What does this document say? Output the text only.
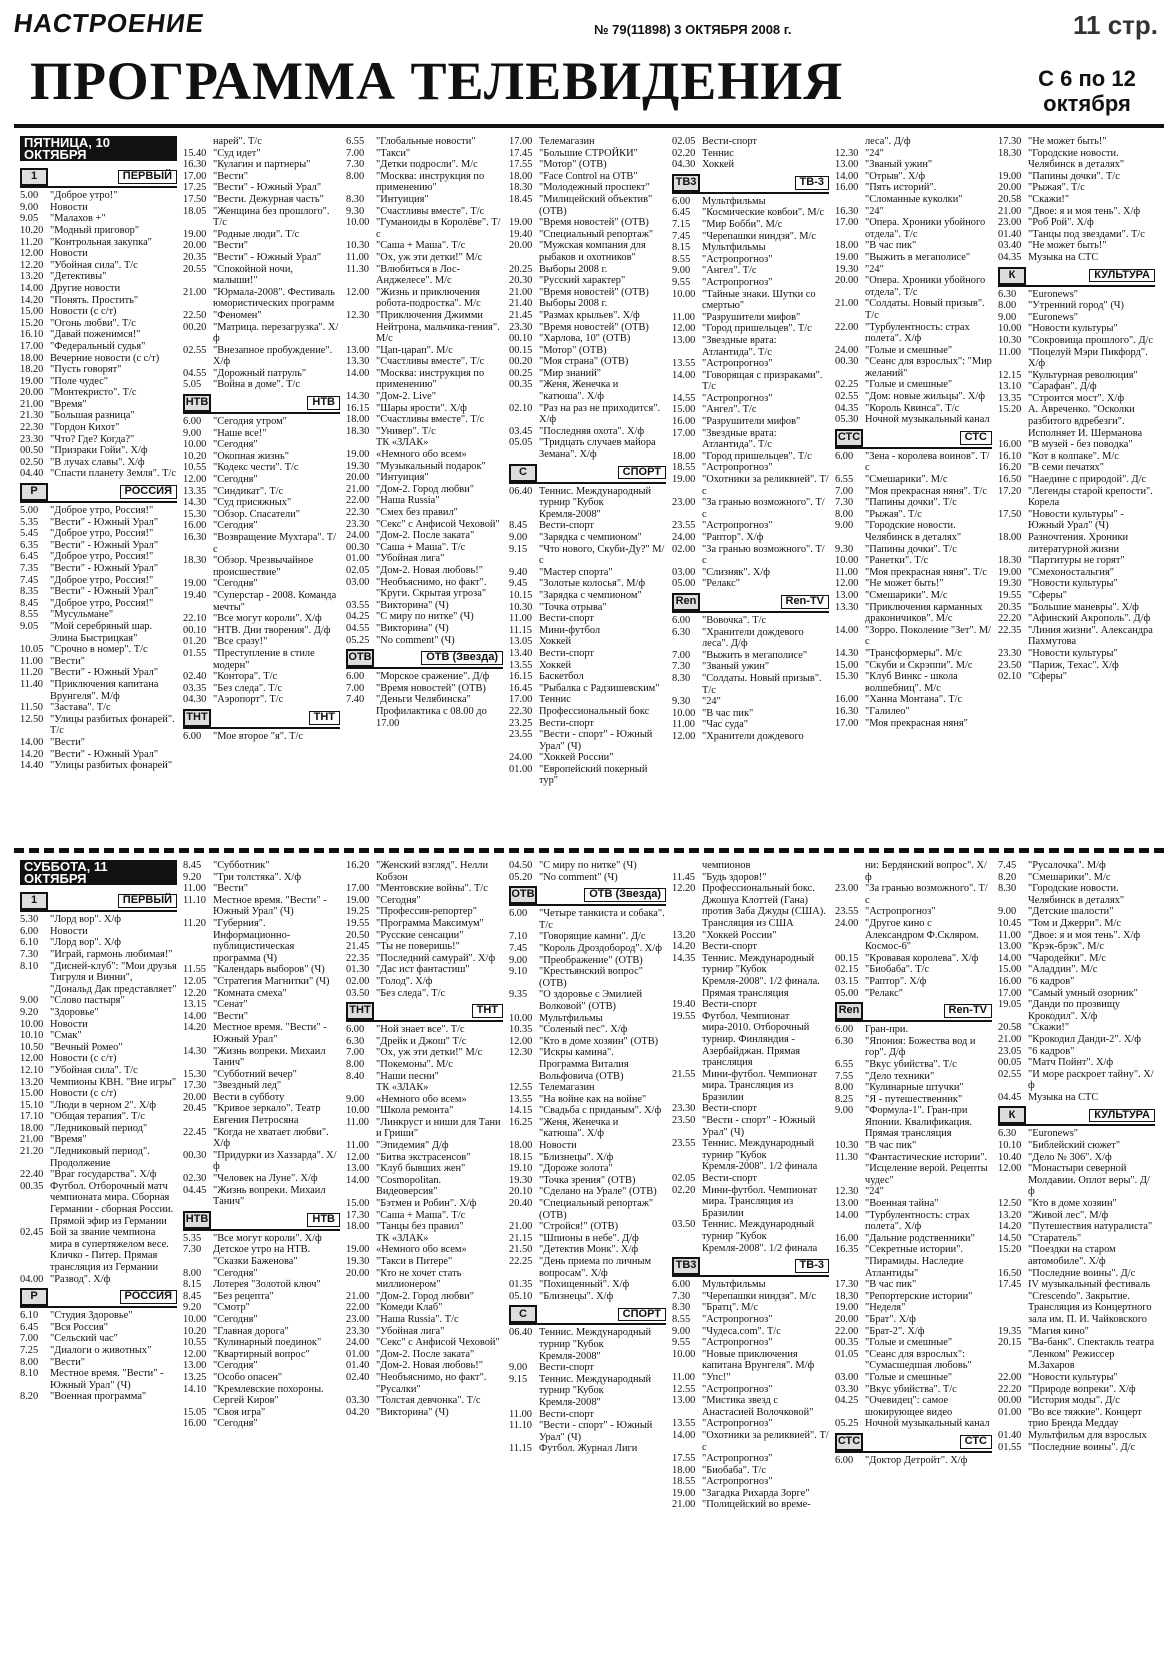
НАСТРОЕНИЕ	№ 79(11898) 3 ОКТЯБРЯ 2008 г.	11 стр.
ПРОГРАММА ТЕЛЕВИДЕНИЯ	С 6 по 12 октября
ПЯТНИЦА, 10 ОКТЯБРЯ
1	ПЕРВЫЙ
5.00	"Доброе утро!"
9.00	Новости
9.05	"Малахов +"
10.20 "Модный приговор"
11.20 "Контрольная закупка"
12.00 Новости
12.20 "Убойная сила". Т/с
13.20 "Детективы"
14.00 Другие новости
14.20 "Понять. Простить"
15.00 Новости (с с/т)
15.20 "Огонь любви". Т/с
16.10 "Давай поженимся!"
17.00 "Федеральный судья"
18.00 Вечерние новости (с с/т)
18.20 "Пусть говорят"
19.00 "Поле чудес"
20.00 "Монтекристо". Т/с
21.00 "Время"
21.30 "Большая разница"
22.30 "Гордон Кихот"
23.30 "Что? Где? Когда?"
00.50 "Призраки Гойи". Х/ф
02.50 "В лучах славы". Х/ф
04.40 "Спасти планету Земля". Т/с
Р	РОССИЯ
5.00	"Доброе утро, Россия!"
5.35	"Вести" - Южный Урал"
5.45	"Доброе утро, Россия!"
6.35	"Вести" - Южный Урал"
6.45	"Доброе утро, Россия!"
7.35	"Вести" - Южный Урал"
7.45	"Доброе утро, Россия!"
8.35	"Вести" - Южный Урал"
8.45	"Доброе утро, Россия!"
8.55	"Мусульмане"
9.05	"Мой серебряный шар. Элина Быстрицкая"
10.05 "Срочно в номер". Т/с
11.00 "Вести"
11.20 "Вести" - Южный Урал"
11.40 "Приключения капитана Врунгеля". М/ф
11.50 "Застава". Т/с
12.50 "Улицы разбитых фонарей". Т/с
14.00 "Вести"
14.20 "Вести" - Южный Урал"
14.40 "Улицы разбитых фонарей"
нарей". Т/с
15.40 "Суд идет"
16.30 "Кулагин и партнеры"
17.00 "Вести"
17.25 "Вести" - Южный Урал"
17.50 "Вести. Дежурная часть"
18.05 "Женщина без прошлого". Т/с
19.00 "Родные люди". Т/с
20.00 "Вести"
20.35 "Вести" - Южный Урал"
20.55 "Спокойной ночи, малыши!"
21.00 "Юрмала-2008". Фестиваль юмористических программ
22.50 "Феномен"
00.20 "Матрица. перезагрузка". Х/ф
02.55 "Внезапное пробуждение". Х/ф
04.55 "Дорожный патруль"
5.05	"Война в доме". Т/с
НТВ	НТВ
6.00	"Сегодня утром"
9.00	"Наше все!"
10.00 "Сегодня"
10.20 "Окопная жизнь"
10.55 "Кодекс чести". Т/с
12.00 "Сегодня"
13.35 "Синдикат". Т/с
14.30 "Суд присяжных"
15.30 "Обзор. Спасатели"
16.00 "Сегодня"
16.30 "Возвращение Мухтара". Т/с
18.30 "Обзор. Чрезвычайное происшествие"
19.00 "Сегодня"
19.40 "Суперстар - 2008. Команда мечты"
22.10 "Все могут короли". Х/ф
00.10 "НТВ. Дни творения". Д/ф
01.20 "Все сразу!"
01.55 "Преступление в стиле модерн"
02.40 "Контора". Т/с
03.35 "Без следа". Т/с
04.30 "Аэропорт". Т/с
ТНТ	ТНТ
6.00	"Мое второе "я". Т/с
6.55	"Глобальные новости"
7.00	"Такси"
7.30	"Детки подросли". М/с
8.00	"Москва: инструкция по применению"
8.30	"Интуиция"
9.30	"Счастливы вместе". Т/с
10.00 "Гуманоиды в Королёве". Т/с
10.30 "Саша + Маша". Т/с
11.00 "Ох, уж эти детки!" М/с
11.30 "Влюбиться в Лос-Анджелесе". М/с
12.00 "Жизнь и приключения робота-подростка". М/с
12.30 "Приключения Джимми Нейтрона, мальчика-гения". М/с
13.00 "Цап-царап". М/с
13.30 "Счастливы вместе". Т/с
14.00 "Москва: инструкция по применению"
14.30 "Дом-2. Live"
16.15 "Шары ярости". Х/ф
18.00 "Счастливы вместе". Т/с
18.30 "Универ". Т/с
ТК «ЗЛАК»
19.00 «Немного обо всем»
19.30 "Музыкальный подарок"
20.00 "Интуиция"
21.00 "Дом-2. Город любви"
22.00 "Наша Russia"
22.30 "Смех без правил"
23.30 "Секс" с Анфисой Чеховой"
24.00 "Дом-2. После заката"
00.30 "Саша + Маша". Т/с
01.00 "Убойная лига"
02.05 "Дом-2. Новая любовь!"
03.00 "Необъяснимо, но факт". "Круги. Скрытая угроза"
03.55 "Викторина" (Ч)
04.25 "С миру по нитке" (Ч)
04.55 "Викторина" (Ч)
05.25 "No comment" (Ч)
ОТВ	ОТВ (Звезда)
6.00	"Морское сражение". Д/ф
7.00	"Время новостей" (ОТВ)
7.40	"Деньги Челябинска"
Профилактика с 08.00 до 17.00
17.00 Телемагазин
17.45 "Большие СТРОЙКИ"
17.55 "Мотор" (ОТВ)
18.00 "Face Control на ОТВ"
18.30 "Молодежный проспект"
18.45 "Милицейский объектив" (ОТВ)
19.00 "Время новостей" (ОТВ)
19.40 "Специальный репортаж"
20.00 "Мужская компания для рыбаков и охотников"
20.25 Выборы 2008 г.
20.30 "Русский характер"
21.00 "Время новостей" (ОТВ)
21.40 Выборы 2008 г.
21.45 "Размах крыльев". Х/ф
23.30 "Время новостей" (ОТВ)
00.10 "Харлова, 10" (ОТВ)
00.15 "Мотор" (ОТВ)
00.20 "Моя страна" (ОТВ)
00.25 "Мир знаний"
00.35 "Женя, Женечка и "катюша". Х/ф
02.10 "Раз на раз не приходится". Х/ф
03.45 "Последняя охота". Х/ф
05.05 "Тридцать случаев майора Земана". Х/ф
С	СПОРТ
06.40 Теннис. Международный турнир "Кубок Кремля-2008"
8.45	Вести-спорт
9.00	"Зарядка с чемпионом"
9.15	"Что нового, Скуби-Ду?" М/с
9.40	"Мастер спорта"
9.45	"Золотые колосья". М/ф
10.15 "Зарядка с чемпионом"
10.30 "Точка отрыва"
11.00 Вести-спорт
11.15 Мини-футбол
13.05 Хоккей
13.40 Вести-спорт
13.55 Хоккей
16.15 Баскетбол
16.45 "Рыбалка с Радзишевским"
17.00 Теннис
22.30 Профессиональный бокс
23.25 Вести-спорт
23.55 "Вести - спорт" - Южный Урал" (Ч)
24.00 "Хоккей России"
01.00 "Европейский покерный тур"
02.05 Вести-спорт
02.20 Теннис
04.30 Хоккей
ТВ3	ТВ-3
6.00	Мультфильмы
6.45	"Космические ковбои". М/с
7.15	"Мир Бобби". М/с
7.45	"Черепашки ниндзя". М/с
8.15	Мультфильмы
8.55	"Астропрогноз"
9.00	"Ангел". Т/с
9.55	"Астропрогноз"
10.00 "Тайные знаки. Шутки со смертью"
11.00 "Разрушители мифов"
12.00 "Город пришельцев". Т/с
13.00 "Звездные врата: Атлантида". Т/с
13.55 "Астропрогноз"
14.00 "Говорящая с призраками". Т/с
14.55 "Астропрогноз"
15.00 "Ангел". Т/с
16.00 "Разрушители мифов"
17.00 "Звездные врата: Атлантида". Т/с
18.00 "Город пришельцев". Т/с
18.55 "Астропрогноз"
19.00 "Охотники за реликвией". Т/с
23.00 "За гранью возможного". Т/с
23.55 "Астропрогноз"
24.00 "Раптор". Х/ф
02.00 "За гранью возможного". Т/с
03.00 "Слизняк". Х/ф
05.00 "Релакс"
Ren	Ren-TV
6.00	"Вовочка". Т/с
6.30	"Хранители дождевого леса". Д/ф
7.00	"Выжить в мегаполисе"
7.30	"Званый ужин"
8.30	"Солдаты. Новый призыв". Т/с
9.30	"24"
10.00 "В час пик"
11.00 "Час суда"
12.00 "Хранители дождевого
леса". Д/ф
12.30 "24"
13.00 "Званый ужин"
14.00 "Отрыв". Х/ф
16.00 "Пять историй". "Сломанные куколки"
16.30 "24"
17.00 "Опера. Хроники убойного отдела". Т/с
18.00 "В час пик"
19.00 "Выжить в мегаполисе"
19.30 "24"
20.00 "Опера. Хроники убойного отдела". Т/с
21.00 "Солдаты. Новый призыв". Т/с
22.00 "Турбулентность: страх полета". Х/ф
24.00 "Голые и смешные"
00.30 "Сеанс для взрослых": "Мир желаний"
02.25 "Голые и смешные"
02.55 "Дом: новые жильцы". Х/ф
04.35 "Король Квинса". Т/с
05.30 Ночной музыкальный канал
СТС	СТС
6.00	"Зена - королева воинов". Т/с
6.55	"Смешарики". М/с
7.00	"Моя прекрасная няня". Т/с
7.30	"Папины дочки". Т/с
8.00	"Рыжая". Т/с
9.00	"Городские новости. Челябинск в деталях"
9.30	"Папины дочки". Т/с
10.00 "Ранетки". Т/с
11.00 "Моя прекрасная няня". Т/с
12.00 "Не может быть!"
13.00 "Смешарики". М/с
13.30 "Приключения карманных драконичиков". М/с
14.00 "Зорро. Поколение "Зет". М/с
14.30 "Трансформеры". М/с
15.00 "Скуби и Скрэппи". М/с
15.30 "Клуб Винкс - школа волшебниц". М/с
16.00 "Ханна Монтана". Т/с
16.30 "Галилео"
17.00 "Моя прекрасная няня"
17.30 "Не может быть!"
18.30 "Городские новости. Челябинск в деталях"
19.00 "Папины дочки". Т/с
20.00 "Рыжая". Т/с
20.58 "Скажи!"
21.00 "Двое: я и моя тень". Х/ф
23.00 "Роб Рой". Х/ф
01.40 "Танцы под звездами". Т/с
03.40 "Не может быть!"
04.35 Музыка на СТС
К	КУЛЬТУРА
6.30	"Euronews"
8.00	"Утренний город" (Ч)
9.00	"Euronews"
10.00 "Новости культуры"
10.30 "Сокровища прошлого". Д/с
11.00 "Поцелуй Мэри Пикфорд". Х/ф
12.15 "Культурная революция"
13.10 "Сарафан". Д/ф
13.35 "Строится мост". Х/ф
15.20 А. Авреченко. "Осколки разбитого вдребезги". Исполняет И. Шерманова
16.00 "В музей - без поводка"
16.10 "Кот в колпаке". М/с
16.20 "В семи печатях"
16.50 "Наедине с природой". Д/с
17.20 "Легенды старой крепости". Корела
17.50 "Новости культуры" - Южный Урал" (Ч)
18.00 Разночтения. Хроники литературной жизни
18.30 "Партитуры не горят"
19.00 "Смехоностальгия"
19.30 "Новости культуры"
19.55 "Сферы"
20.35 "Большие маневры". Х/ф
22.20 "Афинский Акрополь". Д/ф
22.35 "Линия жизни". Александра Пахмутова
23.30 "Новости культуры"
23.50 "Париж, Техас". Х/ф
02.10 "Сферы"
СУББОТА, 11 ОКТЯБРЯ
1	ПЕРВЫЙ
5.30	"Лорд вор". Х/ф
6.00	Новости
6.10	"Лорд вор". Х/ф
7.30	"Играй, гармонь любимая!"
8.10	"Дисней-клуб": "Мои друзья Тигруля и Винни", "Дональд Дак представляет"
9.00	"Слово пастыря"
9.20	"Здоровье"
10.00 Новости
10.10 "Смак"
10.50 "Вечный Ромео"
12.00 Новости (с с/т)
12.10 "Убойная сила". Т/с
13.20 Чемпионы КВН. "Вне игры"
15.00 Новости (с с/т)
15.10 "Люди в черном 2". Х/ф
17.10 "Общая терапия". Т/с
18.00 "Ледниковый период"
21.00 "Время"
21.20 "Ледниковый период". Продолжение
22.40 "Враг государства". Х/ф
00.35 Футбол. Отборочный матч чемпионата мира. Сборная Германии - сборная России. Прямой эфир из Германии
02.45 Бой за звание чемпиона мира в супертяжелом весе. Кличко - Питер. Прямая трансляция из Германии
04.00 "Развод". Х/ф
Р	РОССИЯ
6.10	"Студия Здоровье"
6.45	"Вся Россия"
7.00	"Сельский час"
7.25	"Диалоги о животных"
8.00	"Вести"
8.10	Местное время. "Вести" - Южный Урал" (Ч)
8.20	"Военная программа"
8.45	"Субботник"
9.20	"Три толстяка". Х/ф
11.00 "Вести"
11.10 Местное время. "Вести" - Южный Урал" (Ч)
11.20 "Губерния". Информационно-публицистическая программа (Ч)
11.55 "Календарь выборов" (Ч)
12.05 "Стратегия Магнитки" (Ч)
12.20 "Комната смеха"
13.15 "Сенат"
14.00 "Вести"
14.20 Местное время. "Вести" - Южный Урал"
14.30 "Жизнь вопреки. Михаил Танич"
15.30 "Субботний вечер"
17.30 "Звездный лед"
20.00 Вести в субботу
20.45 "Кривое зеркало". Театр Евгения Петросяна
22.45 "Когда не хватает любви". Х/ф
00.30 "Придурки из Хаззарда". Х/ф
02.30 "Человек на Луне". Х/ф
04.45 "Жизнь вопреки. Михаил Танич"
НТВ	НТВ
5.35	"Все могут короли". Х/ф
7.30	Детское утро на НТВ. "Сказки Баженова"
8.00	"Сегодня"
8.15	Лотерея "Золотой ключ"
8.45	"Без рецепта"
9.20	"Смотр"
10.00 "Сегодня"
10.20 "Главная дорога"
10.55 "Кулинарный поединок"
12.00 "Квартирный вопрос"
13.00 "Сегодня"
13.25 "Особо опасен"
14.10 "Кремлевские похороны. Сергей Киров"
15.05 "Своя игра"
16.00 "Сегодня"
16.20 "Женский взгляд". Нелли Кобзон
17.00 "Ментовские войны". Т/с
19.00 "Сегодня"
19.25 "Профессия-репортер"
19.55 "Программа Максимум"
20.50 "Русские сенсации"
21.45 "Ты не поверишь!"
22.35 "Последний самурай". Х/ф
01.30 "Дас ист фантастиш"
02.00 "Голод". Х/ф
03.50 "Без следа". Т/с
ТНТ	ТНТ
6.00	"Ной знает все". Т/с
6.30	"Дрейк и Джош" Т/с
7.00	"Ох, уж эти детки!" М/с
8.00	"Покемоны". М/с
8.40	"Наши песни"
ТК «ЗЛАК»
9.00	«Немного обо всем»
10.00 "Школа ремонта"
11.00 "Линкруст и ниши для Тани и Гриши"
11.00 "Эпидемия" Д/ф
12.00 "Битва экстрасенсов"
13.00 "Клуб бывших жен"
14.00 "Cosmopolitan. Видеоверсия"
15.00 "Бэтмен и Робин". Х/ф
17.30 "Саша + Маша". Т/с
18.00 "Танцы без правил"
ТК «ЗЛАК»
19.00 «Немного обо всем»
19.30 "Такси в Питере"
20.00 "Кто не хочет стать миллионером"
21.00 "Дом-2. Город любви"
22.00 "Комеди Клаб"
23.00 "Наша Russia". Т/с
23.30 "Убойная лига"
24.00 "Секс" с Анфисой Чеховой"
01.00 "Дом-2. После заката"
01.40 "Дом-2. Новая любовь!"
02.40 "Необъяснимо, но факт". "Русалки"
03.30 "Толстая девчонка". Т/с
04.20 "Викторина" (Ч)
04.50 "С миру по нитке" (Ч)
05.20 "No comment" (Ч)
ОТВ	ОТВ (Звезда)
6.00	"Четыре танкиста и собака". Т/с
7.10	"Говорящие камни". Д/с
7.45	"Король Дроздобород". Х/ф
9.00	"Преображение" (ОТВ)
9.10	"Крестьянский вопрос" (ОТВ)
9.35	"О здоровье с Эмилией Волковой" (ОТВ)
10.00 Мультфильмы
10.35 "Соленый пес". Х/ф
12.00 "Кто в доме хозяин" (ОТВ)
12.30 "Искры камина". Программа Виталия Вольфовича (ОТВ)
12.55 Телемагазин
13.55 "На войне как на войне"
14.15 "Свадьба с приданым". Х/ф
16.25 "Женя, Женечка и "катюша". Х/ф
18.00 Новости
18.15 "Близнецы". Х/ф
19.10 "Дороже золота"
19.30 "Точка зрения" (ОТВ)
20.10 "Сделано на Урале" (ОТВ)
20.40 "Специальный репортаж" (ОТВ)
21.00 "Стройся!" (ОТВ)
21.15 "Шпионы в небе". Д/ф
21.50 "Детектив Монк". Х/ф
22.25 "День приема по личным вопросам". Х/ф
01.35 "Похищенный". Х/ф
05.10 "Близнецы". Х/ф
С	СПОРТ
06.40 Теннис. Международный турнир "Кубок Кремля-2008"
9.00	Вести-спорт
9.15	Теннис. Международный турнир "Кубок Кремля-2008"
11.00 Вести-спорт
11.10 "Вести - спорт" - Южный Урал" (Ч)
11.15 Футбол. Журнал Лиги
чемпионов
11.45 "Будь здоров!"
12.20 Профессиональный бокс. Джошуа Клоттей (Гана) против Заба Джуды (США). Трансляция из США
13.20 "Хоккей России"
14.20 Вести-спорт
14.35 Теннис. Международный турнир "Кубок Кремля-2008". 1/2 финала. Прямая трансляция
19.40 Вести-спорт
19.55 Футбол. Чемпионат мира-2010. Отборочный турнир. Финляндия - Азербайджан. Прямая трансляция
21.55 Мини-футбол. Чемпионат мира. Трансляция из Бразилии
23.30 Вести-спорт
23.50 "Вести - спорт" - Южный Урал" (Ч)
23.55 Теннис. Международный турнир "Кубок Кремля-2008". 1/2 финала
02.05 Вести-спорт
02.20 Мини-футбол. Чемпионат мира. Трансляция из Бразилии
03.50 Теннис. Международный турнир "Кубок Кремля-2008". 1/2 финала
ТВ3	ТВ-3
6.00	Мультфильмы
7.30	"Черепашки ниндзя". М/с
8.30	"Братц". М/с
8.55	"Астропрогноз"
9.00	"Чудеса.com". Т/с
9.55	"Астропрогноз"
10.00 "Новые приключения капитана Врунгеля". М/ф
11.00 "Упс!"
12.55 "Астропрогноз"
13.00 "Мистика звезд с Анастасией Волочковой"
13.55 "Астропрогноз"
14.00 "Охотники за реликвией". Т/с
17.55 "Астропрогноз"
18.00 "Биобаба". Т/с
18.55 "Астропрогноз"
19.00 "Загадка Рихарда Зорге"
21.00 "Полицейский во време-
ни: Бердянский вопрос". Х/ф
23.00 "За гранью возможного". Т/с
23.55 "Астропрогноз"
24.00 "Другое кино с Александром Ф.Скляром. Космос-6"
00.15 "Кровавая королева". Х/ф
02.15 "Биобаба". Т/с
03.15 "Раптор". Х/ф
05.00 "Релакс"
Ren	Ren-TV
6.00	Гран-при.
6.30	"Япония: Божества вод и гор". Д/ф
6.55	"Вкус убийства". Т/с
7.55	"Дело техники"
8.00	"Кулинарные штучки"
8.25	"Я - путешественник"
9.00	"Формула-1". Гран-при Японии. Квалификация. Прямая трансляция
10.30 "В час пик"
11.30 "Фантастические истории". "Исцеление верой. Рецепты чудес"
12.30 "24"
13.00 "Военная тайна"
14.00 "Турбулентность: страх полета". Х/ф
16.00 "Дальние родственники"
16.35 "Секретные истории". "Пирамиды. Наследие Атлантиды"
17.30 "В час пик"
18.30 "Репортерские истории"
19.00 "Неделя"
20.00 "Брат". Х/ф
22.00 "Брат-2". Х/ф
00.35 "Голые и смешные"
01.05 "Сеанс для взрослых": "Сумасшедшая любовь"
03.00 "Голые и смешные"
03.30 "Вкус убийства". Т/с
04.25 "Очевидец": самое шокирующее видео
05.25 Ночной музыкальный канал
СТС	СТС
6.00	"Доктор Детройт". Х/ф
7.45	"Русалочка". М/ф
8.20	"Смешарики". М/с
8.30	"Городские новости. Челябинск в деталях"
9.00	"Детские шалости"
10.45 "Том и Джерри". М/с
11.00 "Двое: я и моя тень". Х/ф
13.00 "Крэк-брэк". М/с
14.00 "Чародейки". М/с
15.00 "Аладдин". М/с
16.00 "6 кадров"
17.00 "Самый умный озорник"
19.05 "Данди по прозвищу Крокодил". Х/ф
20.58 "Скажи!"
21.00 "Крокодил Данди-2". Х/ф
23.05 "6 кадров"
00.05 "Матч Пойнт". Х/ф
02.55 "И море раскроет тайну". Х/ф
04.45 Музыка на СТС
К	КУЛЬТУРА
6.30	"Euronews"
10.10 "Библейский сюжет"
10.40 "Дело № 306". Х/ф
12.00 "Монастыри северной Молдавии. Оплот веры". Д/ф
12.50 "Кто в доме хозяин"
13.20 "Живой лес". М/ф
14.20 "Путешествия натуралиста"
14.50 "Старатель"
15.20 "Поездки на старом автомобиле". Х/ф
16.50 "Последние воины". Д/с
17.45 IV музыкальный фестиваль "Crescendo". Закрытие. Трансляция из Концертного зала им. П. И. Чайковского
19.35 "Магия кино"
20.15 "Ва-банк". Спектакль театра "Ленком" Режиссер М.Захаров
22.00 "Новости культуры"
22.20 "Природе вопреки". Х/ф
00.00 "История моды". Д/с
01.00 "Во все тяжкие". Концерт трио Бренда Меддау
01.40 Мультфильм для взрослых
01.55 "Последние воины". Д/с
